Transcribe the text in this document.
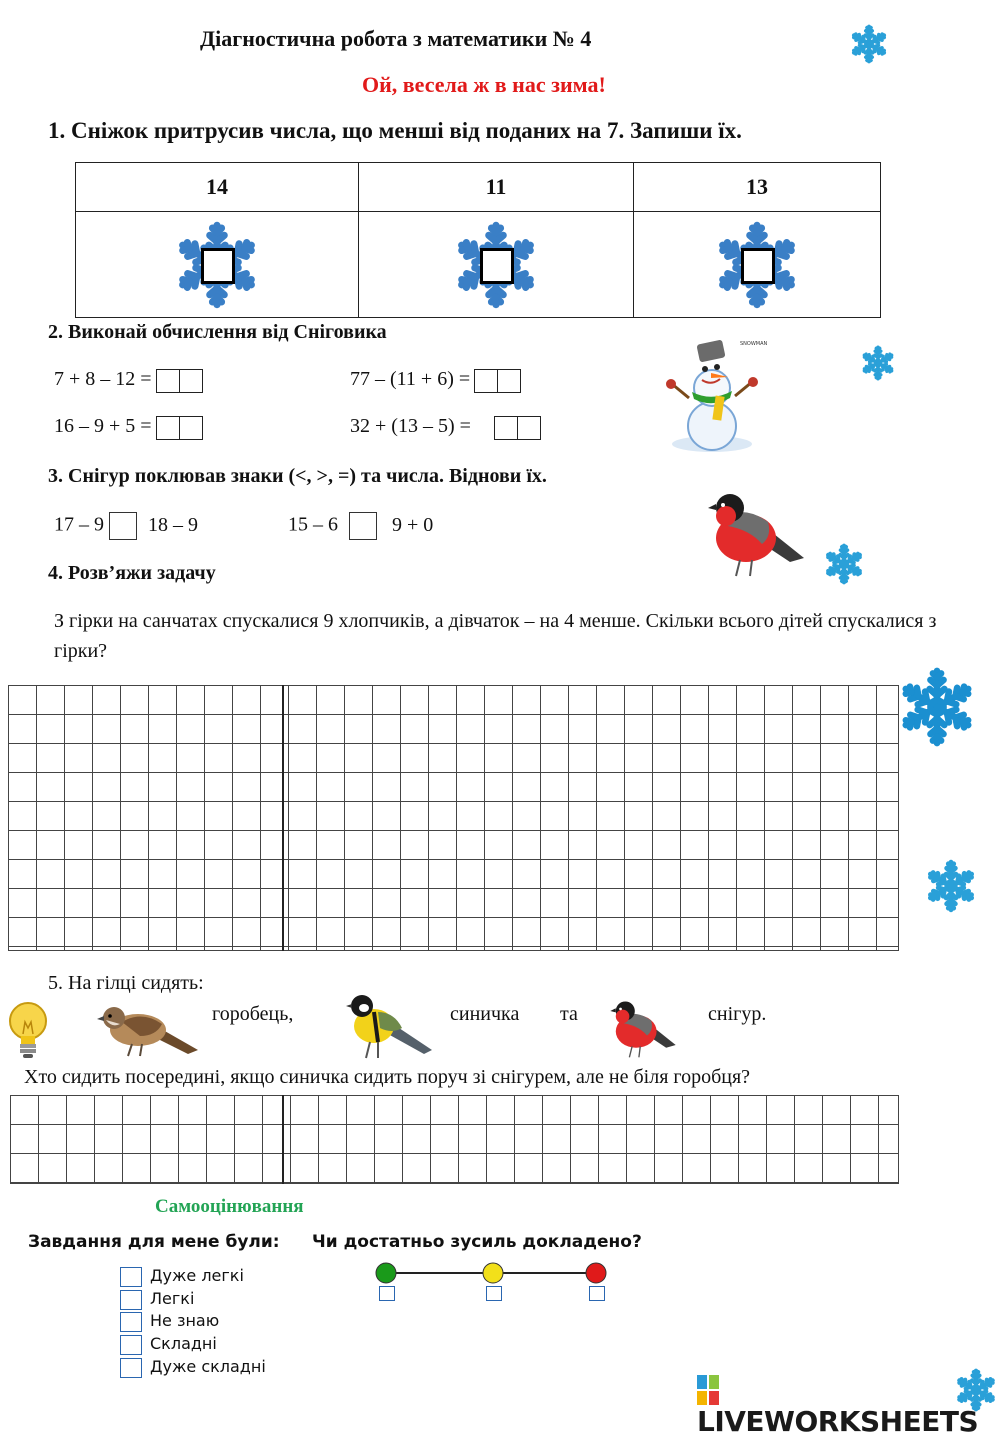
Діагностична робота з математики № 4
Ой, весела ж в нас зима!
1. Сніжок притрусив числа, що менші від поданих на 7. Запиши їх.
14	11	13

2. Виконай обчислення від Сніговика
7 + 8 – 12 =	77 – (11 + 6) =
16 – 9 + 5 =	32 + (13 – 5) =
SNOWMAN
3. Снігур поклював знаки (<, >, =) та числа. Віднови їх.
17 – 9 18 – 9	15 – 6	9 + 0
4. Розв’яжи задачу
З гірки на санчатах спускалися 9 хлопчиків, а дівчаток – на 4 менше. Скільки всього дітей спускалися з гірки?
5. На гілці сидять:
горобець,	синичка та	снігур.
Хто сидить посередині, якщо синичка сидить поруч зі снігурем, але не біля горобця?
Самооцінювання
Завдання для мене були: Чи достатньо зусиль докладено?
Дуже легкі
Легкі
Не знаю
Складні
Дуже складні
LIVEWORKSHEETS
